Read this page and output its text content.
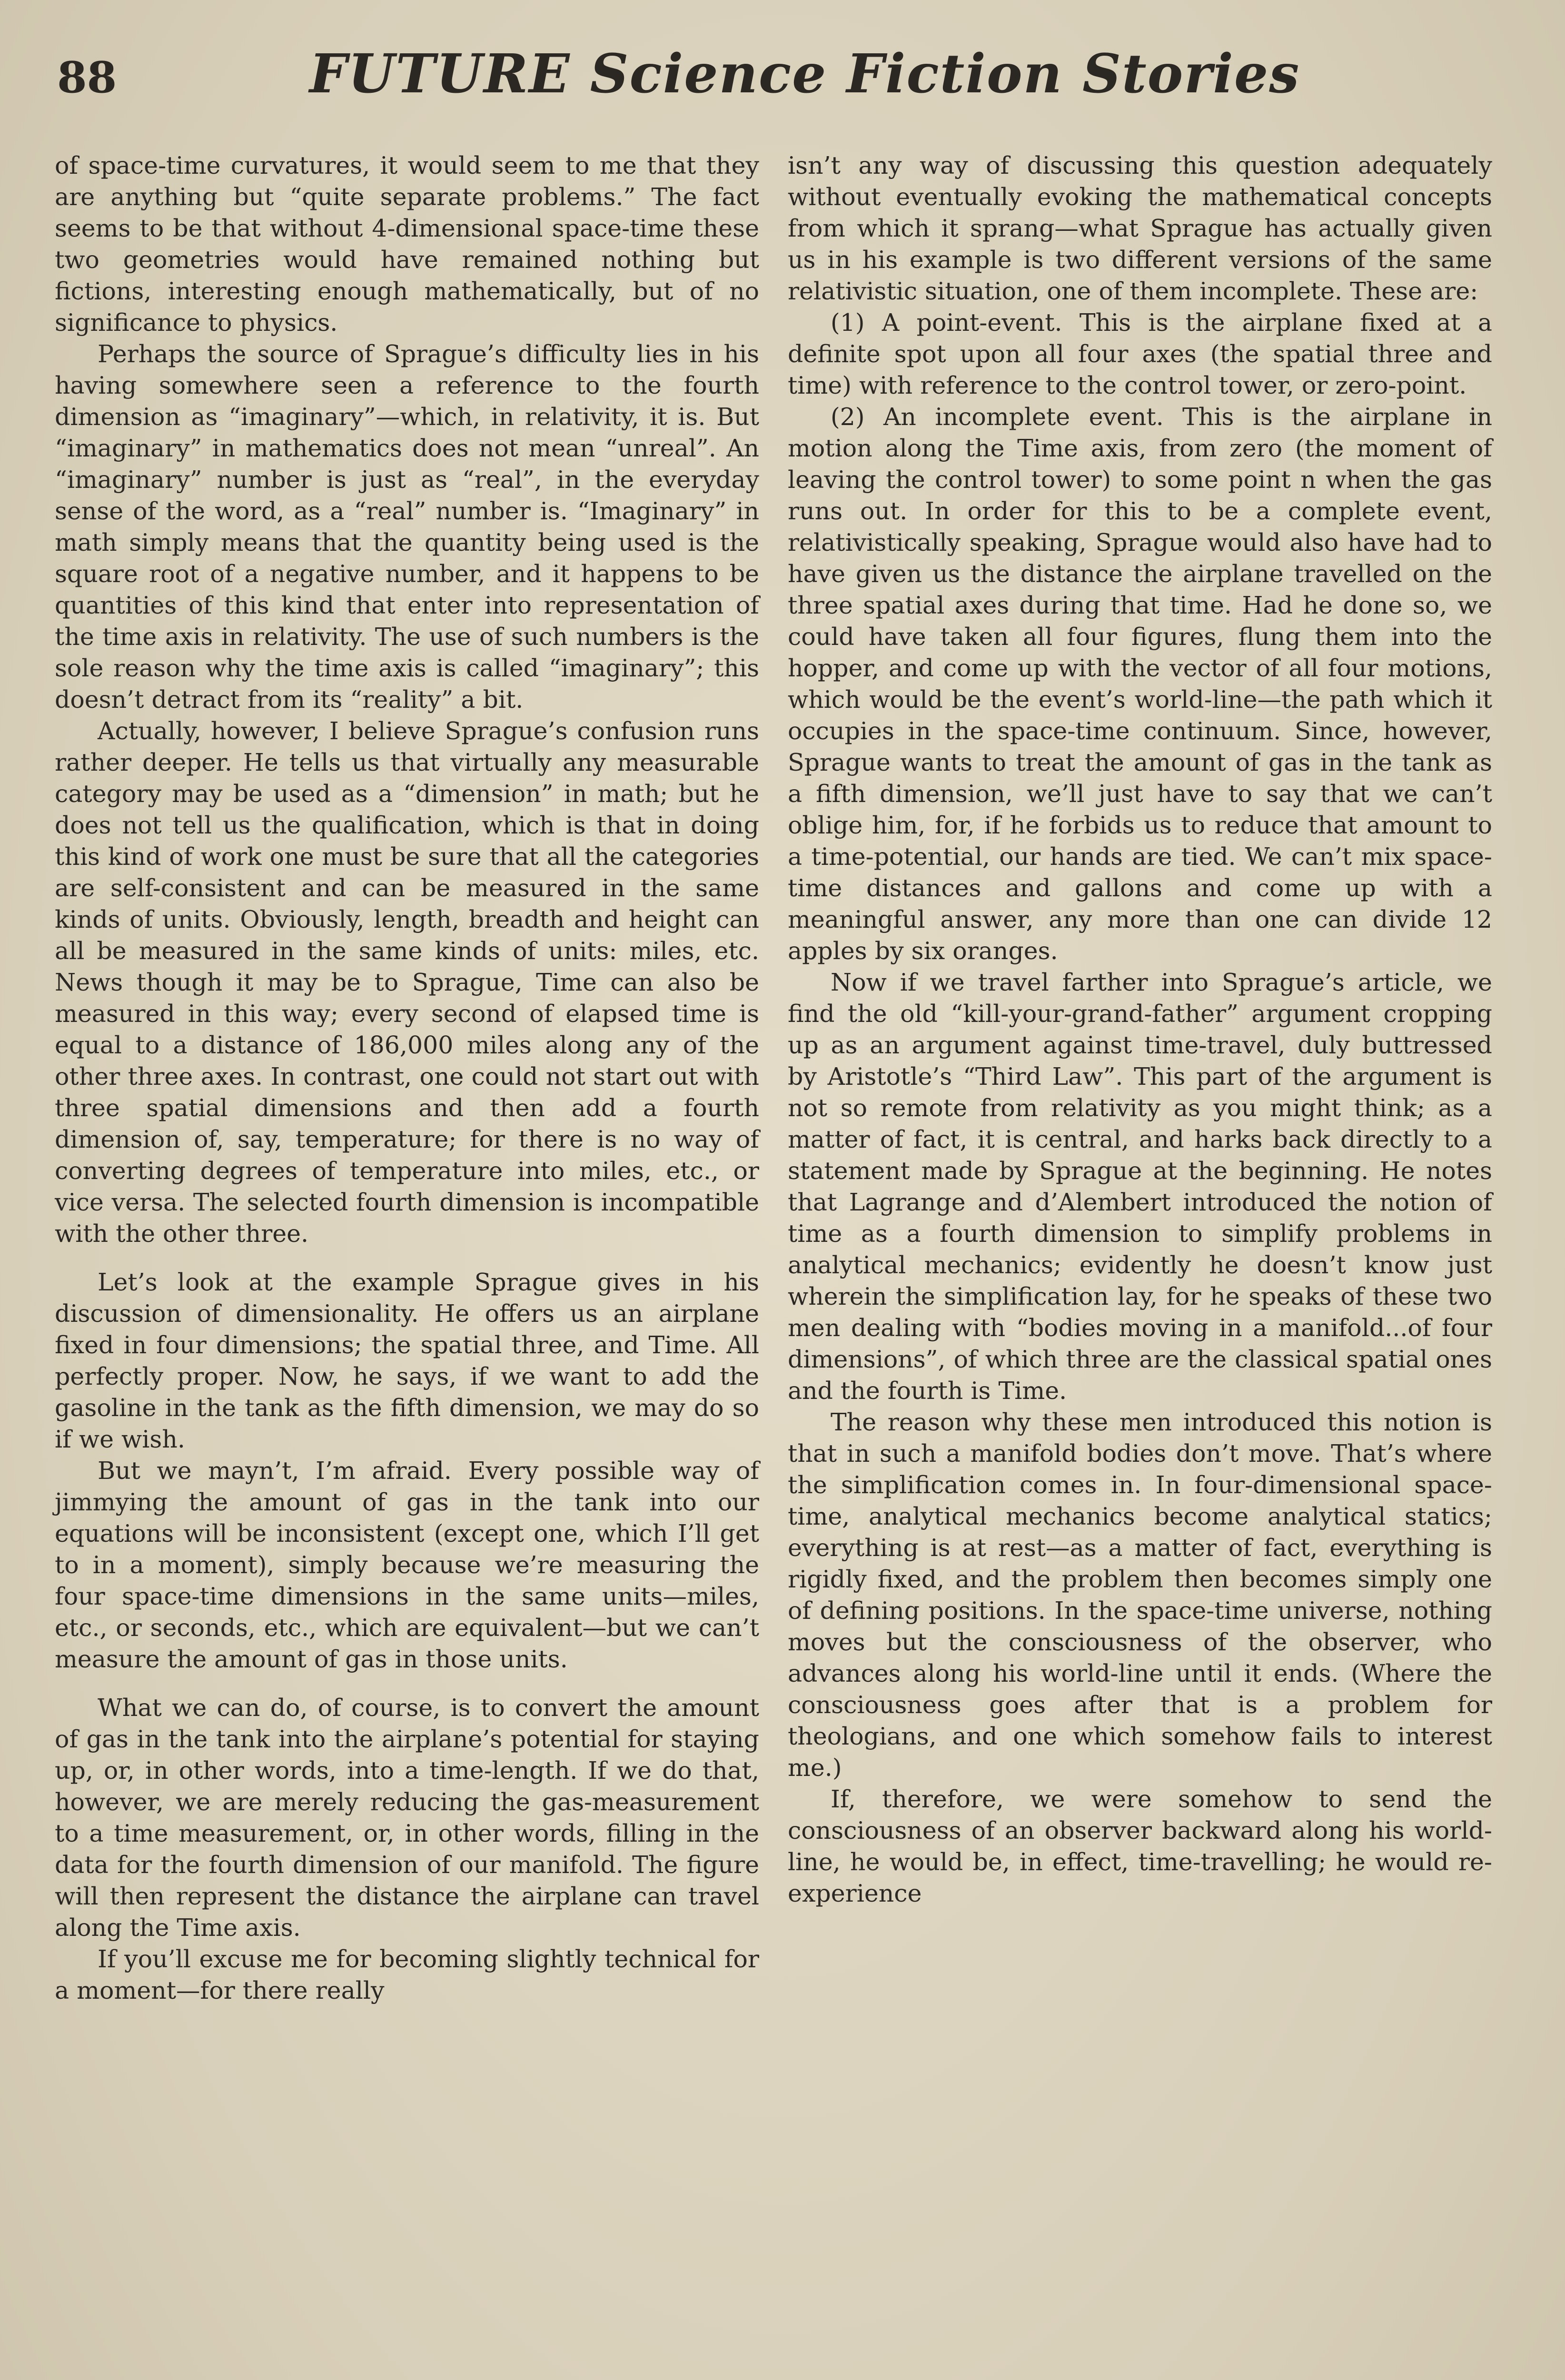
88	FUTURE Science Fiction Stories

of space-time curvatures, it would seem to me that they are anything but “quite separate problems.” The fact seems to be that without 4-dimensional space-time these two geometries would have remained nothing but fictions, interesting enough mathematically, but of no significance to physics.

Perhaps the source of Sprague’s difficulty lies in his having somewhere seen a reference to the fourth dimension as “imaginary”—which, in relativity, it is. But “imaginary” in mathematics does not mean “unreal”. An “imaginary” number is just as “real”, in the everyday sense of the word, as a “real” number is. “Imaginary” in math simply means that the quantity being used is the square root of a negative number, and it happens to be quantities of this kind that enter into representation of the time axis in relativity. The use of such numbers is the sole reason why the time axis is called “imaginary”; this doesn’t detract from its “reality” a bit.

Actually, however, I believe Sprague’s confusion runs rather deeper. He tells us that virtually any measurable category may be used as a “dimension” in math; but he does not tell us the qualification, which is that in doing this kind of work one must be sure that all the categories are self-consistent and can be measured in the same kinds of units. Obviously, length, breadth and height can all be measured in the same kinds of units: miles, etc. News though it may be to Sprague, Time can also be measured in this way; every second of elapsed time is equal to a distance of 186,000 miles along any of the other three axes. In contrast, one could not start out with three spatial dimensions and then add a fourth dimension of, say, temperature; for there is no way of converting degrees of temperature into miles, etc., or vice versa. The selected fourth dimension is incompatible with the other three.

Let’s look at the example Sprague gives in his discussion of dimensionality. He offers us an airplane fixed in four dimensions; the spatial three, and Time. All perfectly proper. Now, he says, if we want to add the gasoline in the tank as the fifth dimension, we may do so if we wish.

But we mayn’t, I’m afraid. Every possible way of jimmying the amount of gas in the tank into our equations will be inconsistent (except one, which I’ll get to in a moment), simply because we’re measuring the four space-time dimensions in the same units—miles, etc., or seconds, etc., which are equivalent—but we can’t measure the amount of gas in those units.

What we can do, of course, is to convert the amount of gas in the tank into the airplane’s potential for staying up, or, in other words, into a time-length. If we do that, however, we are merely reducing the gas-measurement to a time measurement, or, in other words, filling in the data for the fourth dimension of our manifold. The figure will then represent the distance the airplane can travel along the Time axis.

If you’ll excuse me for becoming slightly technical for a moment—for there really

isn’t any way of discussing this question adequately without eventually evoking the mathematical concepts from which it sprang—what Sprague has actually given us in his example is two different versions of the same relativistic situation, one of them incomplete. These are:

(1) A point-event. This is the airplane fixed at a definite spot upon all four axes (the spatial three and time) with reference to the control tower, or zero-point.

(2) An incomplete event. This is the airplane in motion along the Time axis, from zero (the moment of leaving the control tower) to some point n when the gas runs out. In order for this to be a complete event, relativistically speaking, Sprague would also have had to have given us the distance the airplane travelled on the three spatial axes during that time. Had he done so, we could have taken all four figures, flung them into the hopper, and come up with the vector of all four motions, which would be the event’s world-line—the path which it occupies in the space-time continuum. Since, however, Sprague wants to treat the amount of gas in the tank as a fifth dimension, we’ll just have to say that we can’t oblige him, for, if he forbids us to reduce that amount to a time-potential, our hands are tied. We can’t mix space-time distances and gallons and come up with a meaningful answer, any more than one can divide 12 apples by six oranges.

Now if we travel farther into Sprague’s article, we find the old “kill-your-grand-father” argument cropping up as an argument against time-travel, duly buttressed by Aristotle’s “Third Law”. This part of the argument is not so remote from relativity as you might think; as a matter of fact, it is central, and harks back directly to a statement made by Sprague at the beginning. He notes that Lagrange and d’Alembert introduced the notion of time as a fourth dimension to simplify problems in analytical mechanics; evidently he doesn’t know just wherein the simplification lay, for he speaks of these two men dealing with “bodies moving in a manifold...of four dimensions”, of which three are the classical spatial ones and the fourth is Time.

The reason why these men introduced this notion is that in such a manifold bodies don’t move. That’s where the simplification comes in. In four-dimensional space-time, analytical mechanics become analytical statics; everything is at rest—as a matter of fact, everything is rigidly fixed, and the problem then becomes simply one of defining positions. In the space-time universe, nothing moves but the consciousness of the observer, who advances along his world-line until it ends. (Where the consciousness goes after that is a problem for theologians, and one which somehow fails to interest me.)

If, therefore, we were somehow to send the consciousness of an observer backward along his world-line, he would be, in effect, time-travelling; he would re-experience
